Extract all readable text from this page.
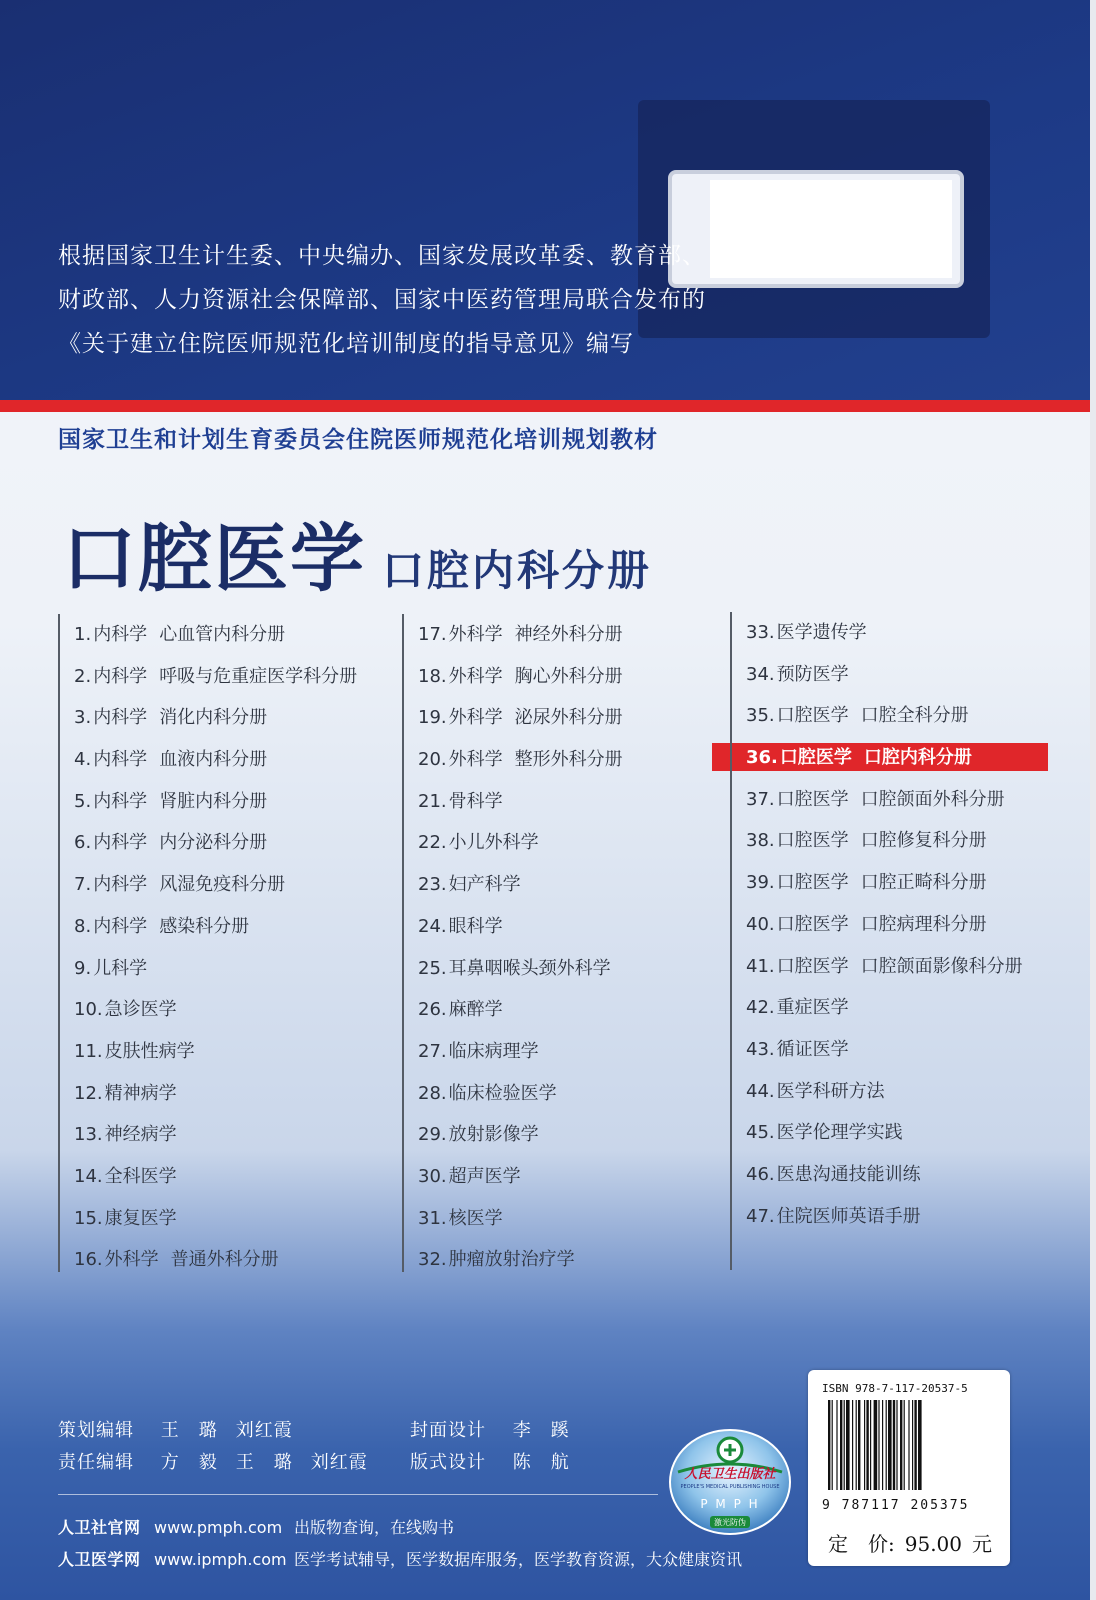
根据国家卫生计生委、中央编办、国家发展改革委、教育部、
财政部、人力资源社会保障部、国家中医药管理局联合发布的
《关于建立住院医师规范化培训制度的指导意见》编写
国家卫生和计划生育委员会住院医师规范化培训规划教材
口腔医学 口腔内科分册
1. 内科学 心血管内科分册
2. 内科学 呼吸与危重症医学科分册
3. 内科学 消化内科分册
4. 内科学 血液内科分册
5. 内科学 肾脏内科分册
6. 内科学 内分泌科分册
7. 内科学 风湿免疫科分册
8. 内科学 感染科分册
9. 儿科学
10. 急诊医学
11. 皮肤性病学
12. 精神病学
13. 神经病学
14. 全科医学
15. 康复医学
16. 外科学 普通外科分册
17. 外科学 神经外科分册
18. 外科学 胸心外科分册
19. 外科学 泌尿外科分册
20. 外科学 整形外科分册
21. 骨科学
22. 小儿外科学
23. 妇产科学
24. 眼科学
25. 耳鼻咽喉头颈外科学
26. 麻醉学
27. 临床病理学
28. 临床检验医学
29. 放射影像学
30. 超声医学
31. 核医学
32. 肿瘤放射治疗学
33. 医学遗传学
34. 预防医学
35. 口腔医学 口腔全科分册
36. 口腔医学 口腔内科分册
37. 口腔医学 口腔颌面外科分册
38. 口腔医学 口腔修复科分册
39. 口腔医学 口腔正畸科分册
40. 口腔医学 口腔病理科分册
41. 口腔医学 口腔颌面影像科分册
42. 重症医学
43. 循证医学
44. 医学科研方法
45. 医学伦理学实践
46. 医患沟通技能训练
47. 住院医师英语手册
策划编辑 王　璐 刘红霞
责任编辑 方　毅 王　璐 刘红霞
封面设计 李　蹊
版式设计 陈　航
人卫社官网 www.pmph.com 出版物查询，在线购书
人卫医学网 www.ipmph.com 医学考试辅导，医学数据库服务，医学教育资源，大众健康资讯
人民卫生出版社
PEOPLE'S MEDICAL PUBLISHING HOUSE
P M P H
激光防伪
ISBN 978-7-117-20537-5
9 787117 205375
定　价: 95.00 元
